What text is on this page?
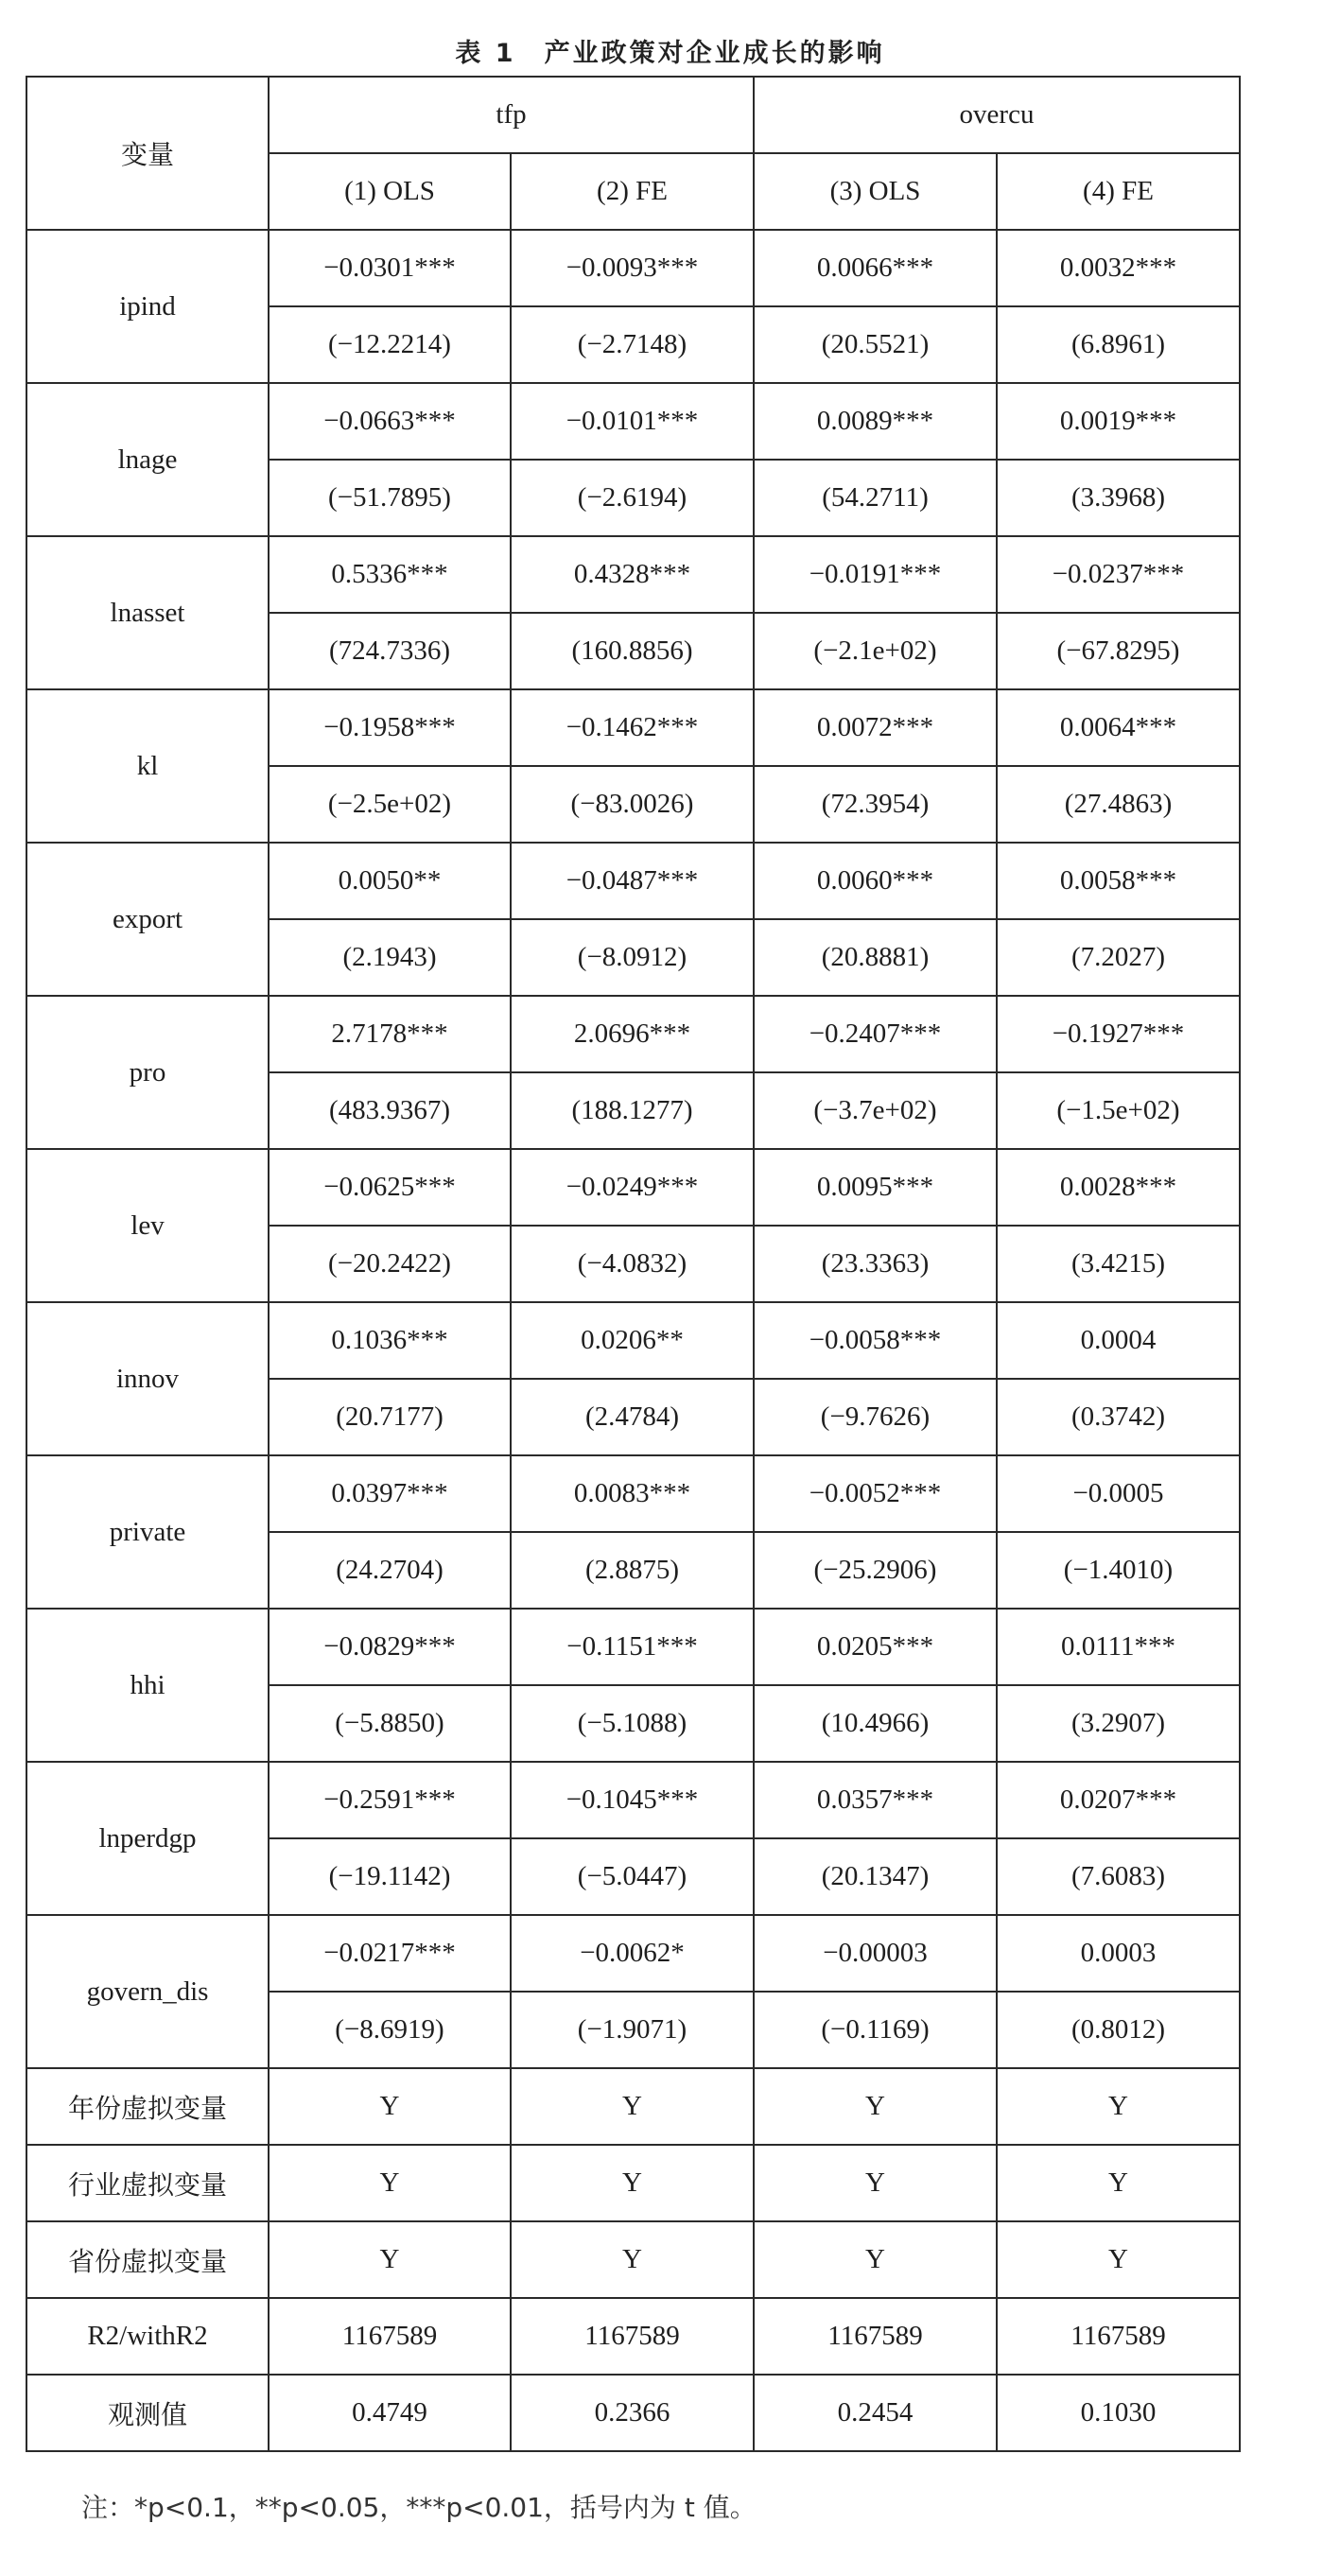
表 1　产业政策对企业成长的影响
变量	tfp		overcu	
	(1) OLS	(2) FE	(3) OLS	(4) FE
ipind	−0.0301***	−0.0093***	0.0066***	0.0032***
	(−12.2214)	(−2.7148)	(20.5521)	(6.8961)
lnage	−0.0663***	−0.0101***	0.0089***	0.0019***
	(−51.7895)	(−2.6194)	(54.2711)	(3.3968)
lnasset	0.5336***	0.4328***	−0.0191***	−0.0237***
	(724.7336)	(160.8856)	(−2.1e+02)	(−67.8295)
kl	−0.1958***	−0.1462***	0.0072***	0.0064***
	(−2.5e+02)	(−83.0026)	(72.3954)	(27.4863)
export	0.0050**	−0.0487***	0.0060***	0.0058***
	(2.1943)	(−8.0912)	(20.8881)	(7.2027)
pro	2.7178***	2.0696***	−0.2407***	−0.1927***
	(483.9367)	(188.1277)	(−3.7e+02)	(−1.5e+02)
lev	−0.0625***	−0.0249***	0.0095***	0.0028***
	(−20.2422)	(−4.0832)	(23.3363)	(3.4215)
innov	0.1036***	0.0206**	−0.0058***	0.0004
	(20.7177)	(2.4784)	(−9.7626)	(0.3742)
private	0.0397***	0.0083***	−0.0052***	−0.0005
	(24.2704)	(2.8875)	(−25.2906)	(−1.4010)
hhi	−0.0829***	−0.1151***	0.0205***	0.0111***
	(−5.8850)	(−5.1088)	(10.4966)	(3.2907)
lnperdgp	−0.2591***	−0.1045***	0.0357***	0.0207***
	(−19.1142)	(−5.0447)	(20.1347)	(7.6083)
govern_dis	−0.0217***	−0.0062*	−0.00003	0.0003
	(−8.6919)	(−1.9071)	(−0.1169)	(0.8012)
年份虚拟变量	Y	Y	Y	Y
行业虚拟变量	Y	Y	Y	Y
省份虚拟变量	Y	Y	Y	Y
R2/withR2	1167589	1167589	1167589	1167589
观测值	0.4749	0.2366	0.2454	0.1030
注：*p<0.1，**p<0.05，***p<0.01，括号内为 t 值。
